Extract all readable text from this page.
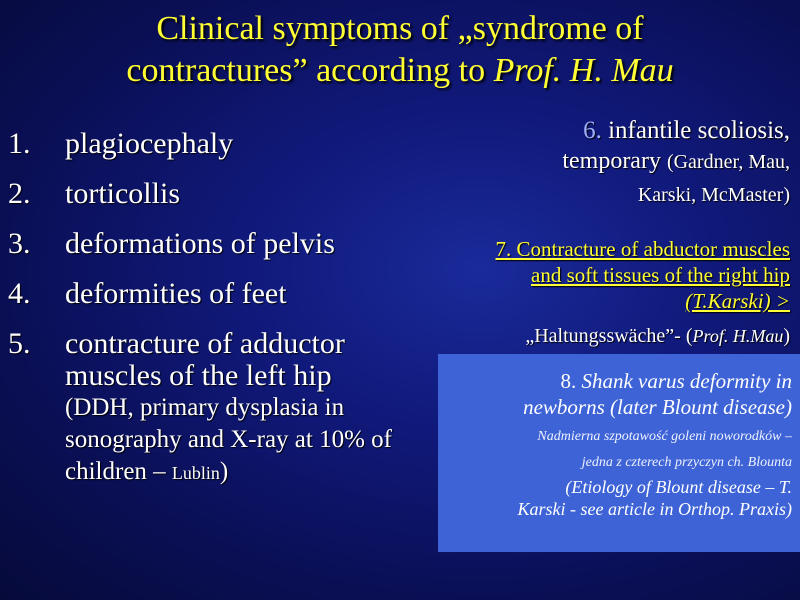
Clinical symptoms of „syndrome of
contractures” according to Prof. H. Mau
1. plagiocephaly
2. torticollis
3. deformations of pelvis
4. deformities of feet
5. contracture of adductor muscles of the left hip
(DDH, primary dysplasia in sonography and X-ray at 10% of children – Lublin)
6. infantile scoliosis,
temporary (Gardner, Mau,
Karski, McMaster)
7. Contracture of abductor muscles
and soft tissues of the right hip
(T.Karski) >
„Haltungsswäche”- (Prof. H.Mau)
8. Shank varus deformity in
newborns (later Blount disease)
Nadmierna szpotawość goleni noworodków –
jedna z czterech przyczyn ch. Blounta
(Etiology of Blount disease – T.
Karski - see article in Orthop. Praxis)
